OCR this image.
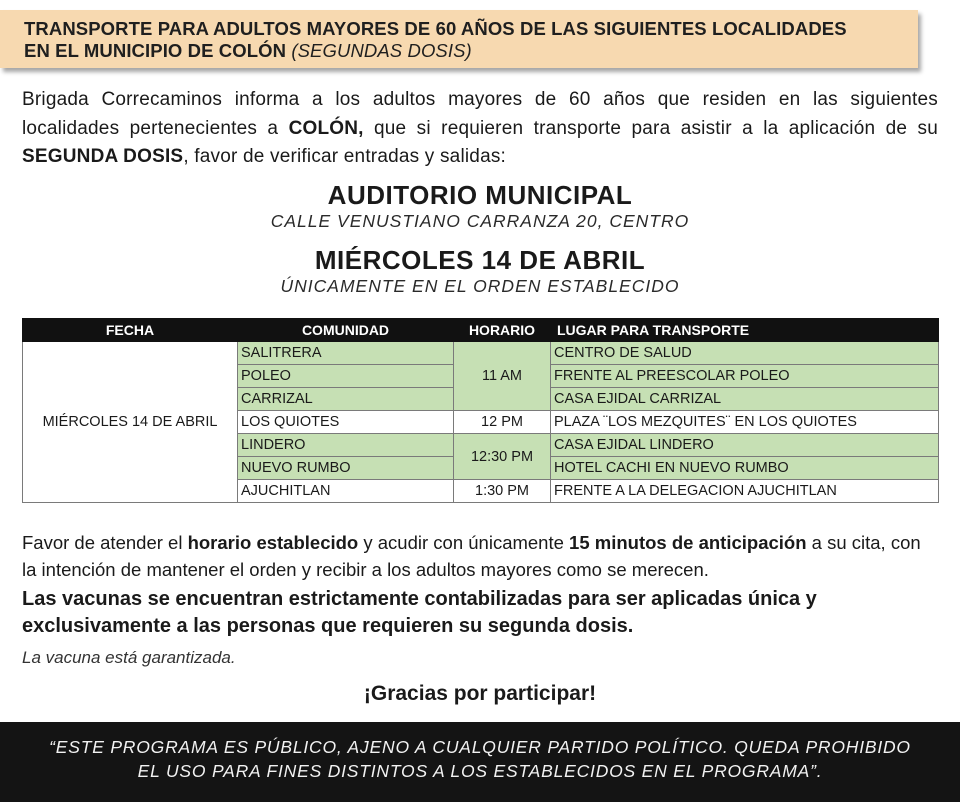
TRANSPORTE PARA ADULTOS MAYORES DE 60 AÑOS DE LAS SIGUIENTES LOCALIDADES
EN EL MUNICIPIO DE COLÓN (SEGUNDAS DOSIS)
Brigada Correcaminos informa a los adultos mayores de 60 años que residen en las siguientes localidades pertenecientes a COLÓN, que si requieren transporte para asistir a la aplicación de su SEGUNDA DOSIS, favor de verificar entradas y salidas:
AUDITORIO MUNICIPAL
CALLE VENUSTIANO CARRANZA 20, CENTRO
MIÉRCOLES 14 DE ABRIL
ÚNICAMENTE EN EL ORDEN ESTABLECIDO
FECHA	COMUNIDAD	HORARIO	LUGAR PARA TRANSPORTE
MIÉRCOLES 14 DE ABRIL	SALITRERA	11 AM	CENTRO DE SALUD
	POLEO		FRENTE AL PREESCOLAR POLEO
	CARRIZAL		CASA EJIDAL CARRIZAL
	LOS QUIOTES	12 PM	PLAZA ¨LOS MEZQUITES¨ EN LOS QUIOTES
	LINDERO	12:30 PM	CASA EJIDAL LINDERO
	NUEVO RUMBO		HOTEL CACHI EN NUEVO RUMBO
	AJUCHITLAN	1:30 PM	FRENTE A LA DELEGACION AJUCHITLAN
Favor de atender el horario establecido y acudir con únicamente 15 minutos de anticipación a su cita, con la intención de mantener el orden y recibir a los adultos mayores como se merecen.
Las vacunas se encuentran estrictamente contabilizadas para ser aplicadas única y exclusivamente a las personas que requieren su segunda dosis.
La vacuna está garantizada.
¡Gracias por participar!
“ESTE PROGRAMA ES PÚBLICO, AJENO A CUALQUIER PARTIDO POLÍTICO. QUEDA PROHIBIDO
EL USO PARA FINES DISTINTOS A LOS ESTABLECIDOS EN EL PROGRAMA”.
